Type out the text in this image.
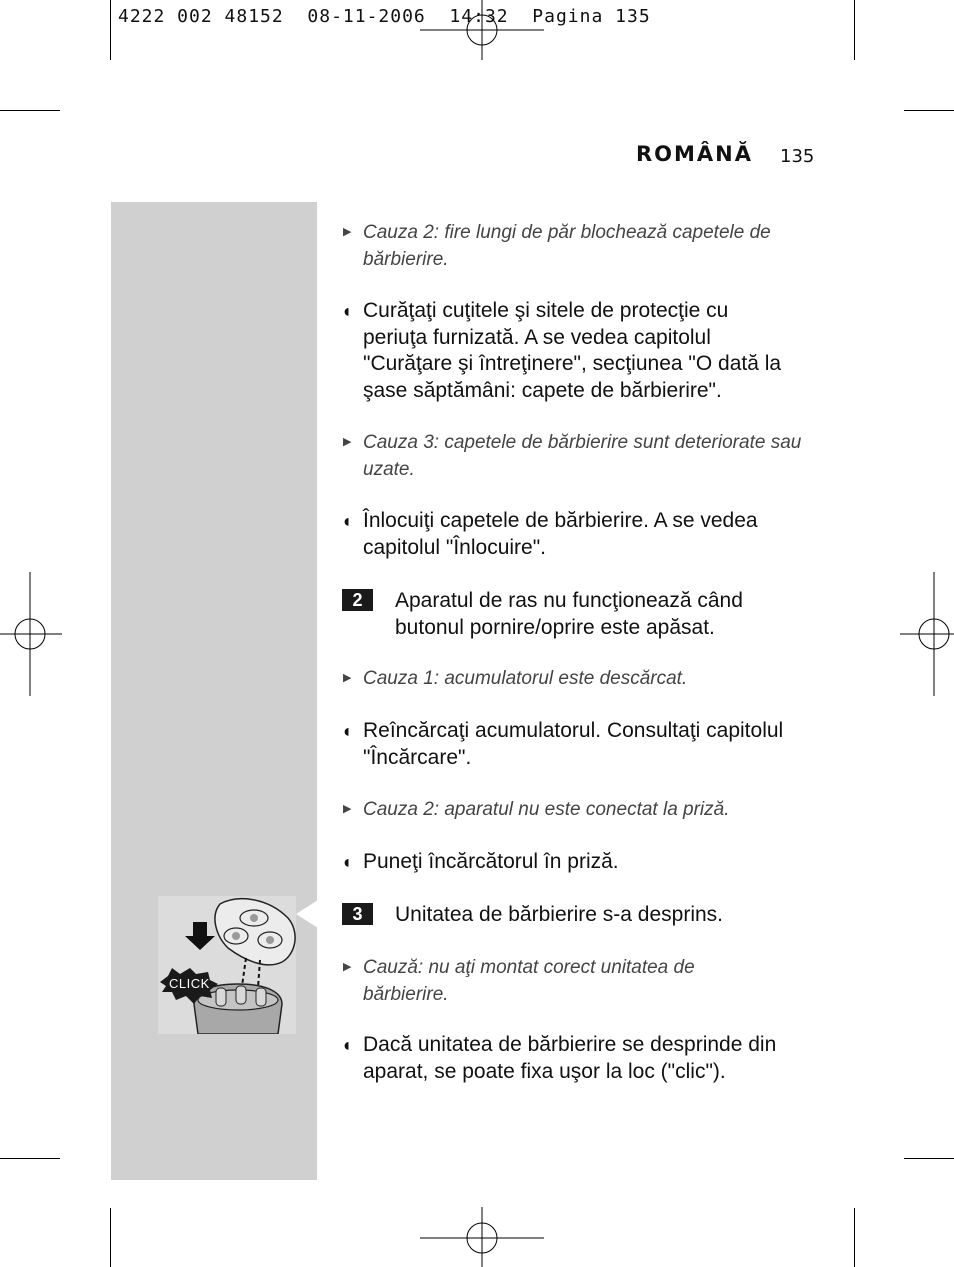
4222 002 48152  08-11-2006  14:32  Pagina 135
ROMÂNĂ 135
CLICK
▶ Cauza 2: fire lungi de păr blochează capetele de bărbierire.
◖ Curăţaţi cuţitele şi sitele de protecţie cu
periuţa furnizată. A se vedea capitolul
"Curăţare şi întreţinere", secţiunea "O dată la
şase săptămâni: capete de bărbierire".
▶ Cauza 3: capetele de bărbierire sunt deteriorate sau uzate.
◖ Înlocuiţi capetele de bărbierire. A se vedea
capitolul "Înlocuire".
2	Aparatul de ras nu funcţionează când
butonul pornire/oprire este apăsat.
▶ Cauza 1: acumulatorul este descărcat.
◖ Reîncărcaţi acumulatorul. Consultaţi capitolul
"Încărcare".
▶ Cauza 2: aparatul nu este conectat la priză.
◖ Puneţi încărcătorul în priză.
3	Unitatea de bărbierire s-a desprins.
▶ Cauză: nu aţi montat corect unitatea de bărbierire.
◖ Dacă unitatea de bărbierire se desprinde din
aparat, se poate fixa uşor la loc ("clic").
